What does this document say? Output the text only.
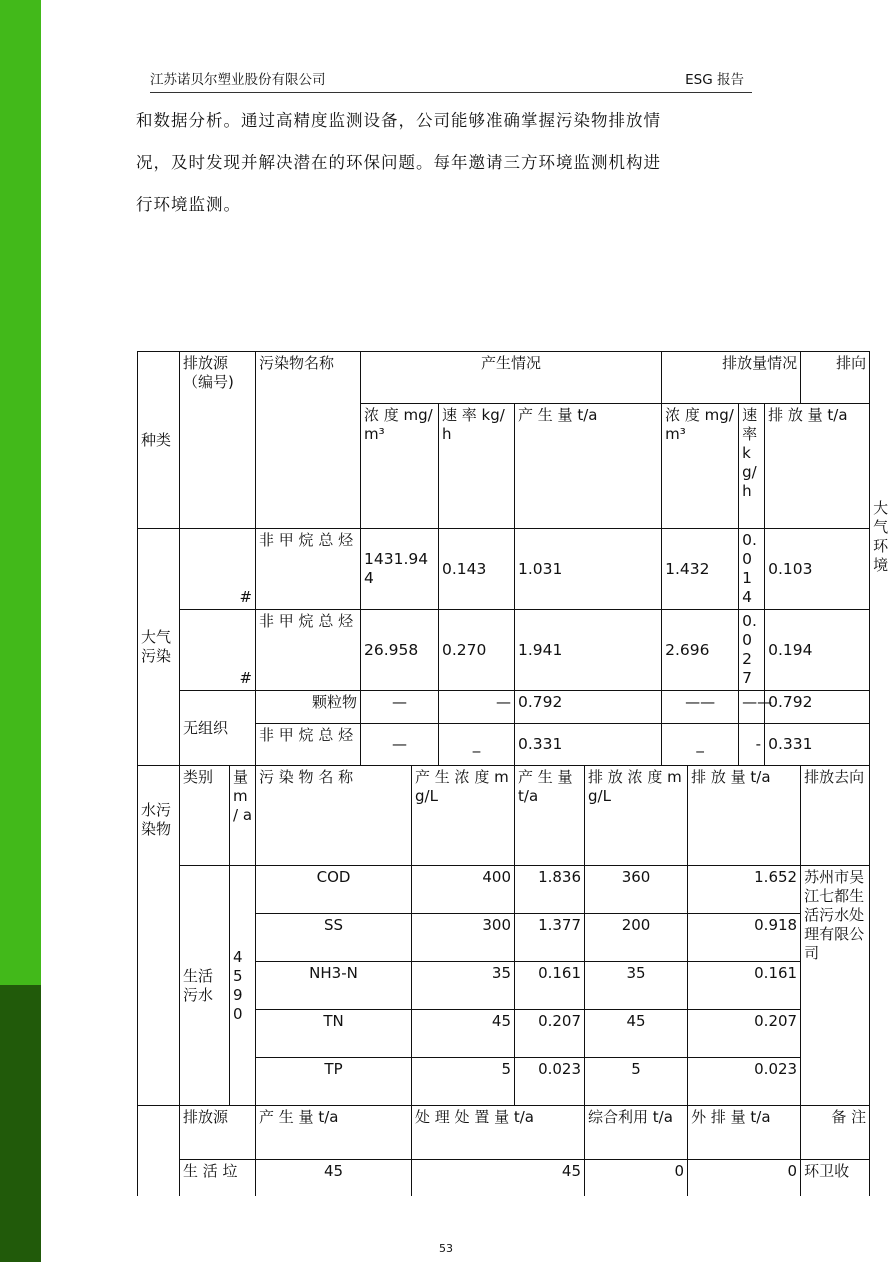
江苏诺贝尔塑业股份有限公司	ESG 报告

和数据分析。通过高精度监测设备，公司能够准确掌握污染物排放情

况，及时发现并解决潜在的环保问题。每年邀请三方环境监测机构进

行环境监测。

种类	排放源（编号)		污染物名称	产生情况					排放量情况				排向	
				浓 度 mg/m³		速 率 kg/h	产 生 量 t/a		浓 度 mg/m³		速 率 kg/h	排 放 量 t/a		大 气 环境
大气污染	#		非 甲 烷 总 烃	1431.944		0.143	1.031		1.432		0.014	0.103		
	#		非 甲 烷 总 烃	26.958		0.270	1.941		2.696		0.027	0.194		
	无组织		颗粒物	—		—	0.792		——		——	0.792		
			非 甲 烷 总 烃	—		_	0.331		_		-	0.331		
水污染物	类别	量 m / a	污 染 物 名 称		产 生 浓 度 mg/L		产 生 量 t/a	排 放 浓 度 mg/L		排 放 量 t/a			排放去向	
	生活污水	4590	COD		400		1.836	360		1.652			苏州市吴江七都生活污水处理有限公司	
			SS		300		1.377	200		0.918				
			NH3-N		35		0.161	35		0.161				
			TN		45		0.207	45		0.207				
			TP		5		0.023	5		0.023				
	排放源		产 生 量 t/a		处 理 处 置 量 t/a			综合利用 t/a		外 排 量 t/a			备 注	
	生 活 垃		45		45			0		0			环卫收	
53
